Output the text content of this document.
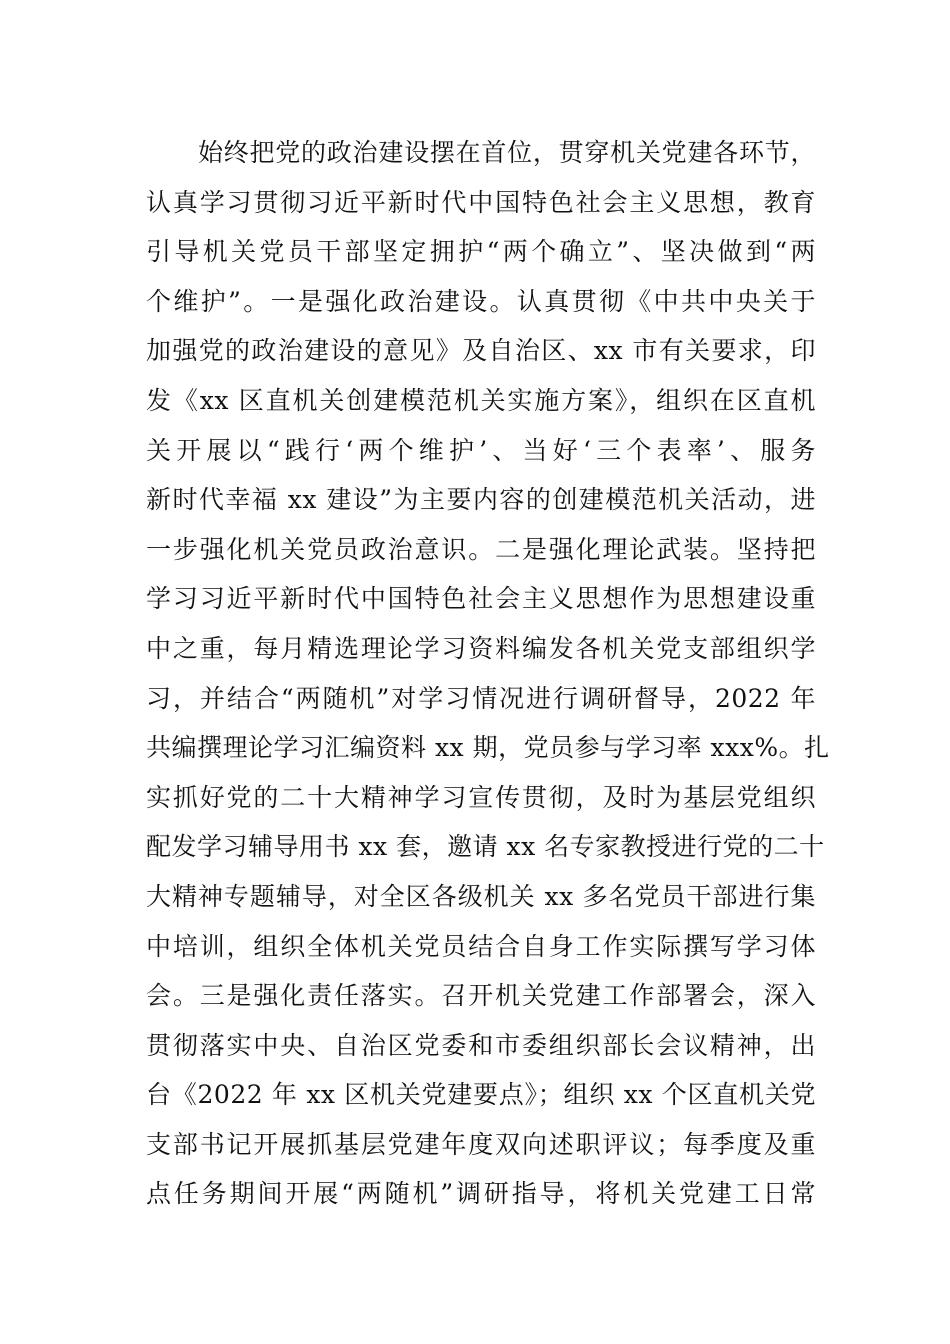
始终把党的政治建设摆在首位，贯穿机关党建各环节，
认真学习贯彻习近平新时代中国特色社会主义思想，教育
引导机关党员干部坚定拥护“两个确立”、坚决做到“两
个维护”。一是强化政治建设。认真贯彻《中共中央关于
加强党的政治建设的意见》及自治区、xx 市有关要求，印
发《xx 区直机关创建模范机关实施方案》，组织在区直机
关开展以“践行‘两个维护’、当好‘三个表率’、服务
新时代幸福 xx 建设”为主要内容的创建模范机关活动，进
一步强化机关党员政治意识。二是强化理论武装。坚持把
学习习近平新时代中国特色社会主义思想作为思想建设重
中之重，每月精选理论学习资料编发各机关党支部组织学
习，并结合“两随机”对学习情况进行调研督导，2022 年
共编撰理论学习汇编资料 xx 期，党员参与学习率 xxx%。扎
实抓好党的二十大精神学习宣传贯彻，及时为基层党组织
配发学习辅导用书 xx 套，邀请 xx 名专家教授进行党的二十
大精神专题辅导，对全区各级机关 xx 多名党员干部进行集
中培训，组织全体机关党员结合自身工作实际撰写学习体
会。三是强化责任落实。召开机关党建工作部署会，深入
贯彻落实中央、自治区党委和市委组织部长会议精神，出
台《2022 年 xx 区机关党建要点》；组织 xx 个区直机关党
支部书记开展抓基层党建年度双向述职评议；每季度及重
点任务期间开展“两随机”调研指导，将机关党建工日常
